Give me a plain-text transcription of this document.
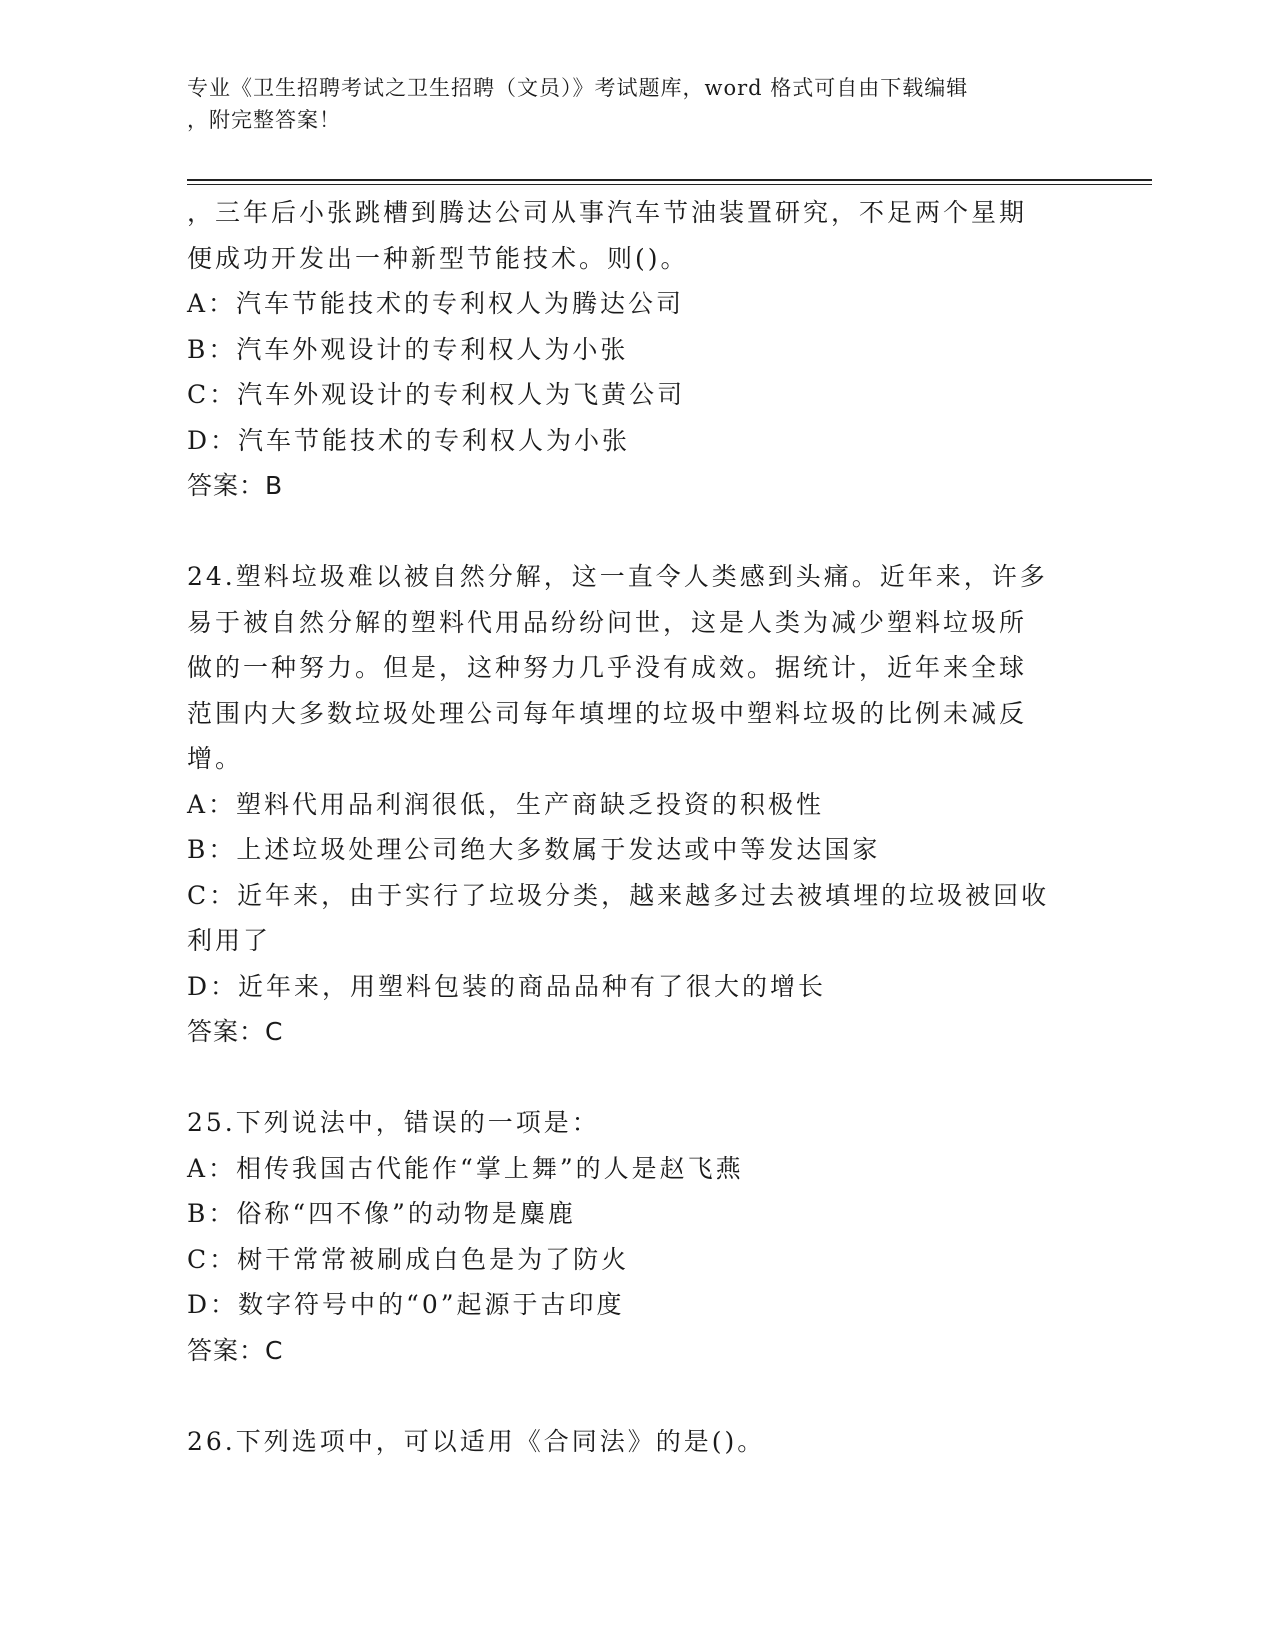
专业《卫生招聘考试之卫生招聘（文员）》考试题库，word 格式可自由下载编辑
，附完整答案！
，三年后小张跳槽到腾达公司从事汽车节油装置研究，不足两个星期
便成功开发出一种新型节能技术。则()。
A：汽车节能技术的专利权人为腾达公司
B：汽车外观设计的专利权人为小张
C：汽车外观设计的专利权人为飞黄公司
D：汽车节能技术的专利权人为小张
答案：B
24.塑料垃圾难以被自然分解，这一直令人类感到头痛。近年来，许多
易于被自然分解的塑料代用品纷纷问世，这是人类为减少塑料垃圾所
做的一种努力。但是，这种努力几乎没有成效。据统计，近年来全球
范围内大多数垃圾处理公司每年填埋的垃圾中塑料垃圾的比例未减反
增。
A：塑料代用品利润很低，生产商缺乏投资的积极性
B：上述垃圾处理公司绝大多数属于发达或中等发达国家
C：近年来，由于实行了垃圾分类，越来越多过去被填埋的垃圾被回收
利用了
D：近年来，用塑料包装的商品品种有了很大的增长
答案：C
25.下列说法中，错误的一项是：
A：相传我国古代能作“掌上舞”的人是赵飞燕
B：俗称“四不像”的动物是麋鹿
C：树干常常被刷成白色是为了防火
D：数字符号中的“0”起源于古印度
答案：C
26.下列选项中，可以适用《合同法》的是()。
